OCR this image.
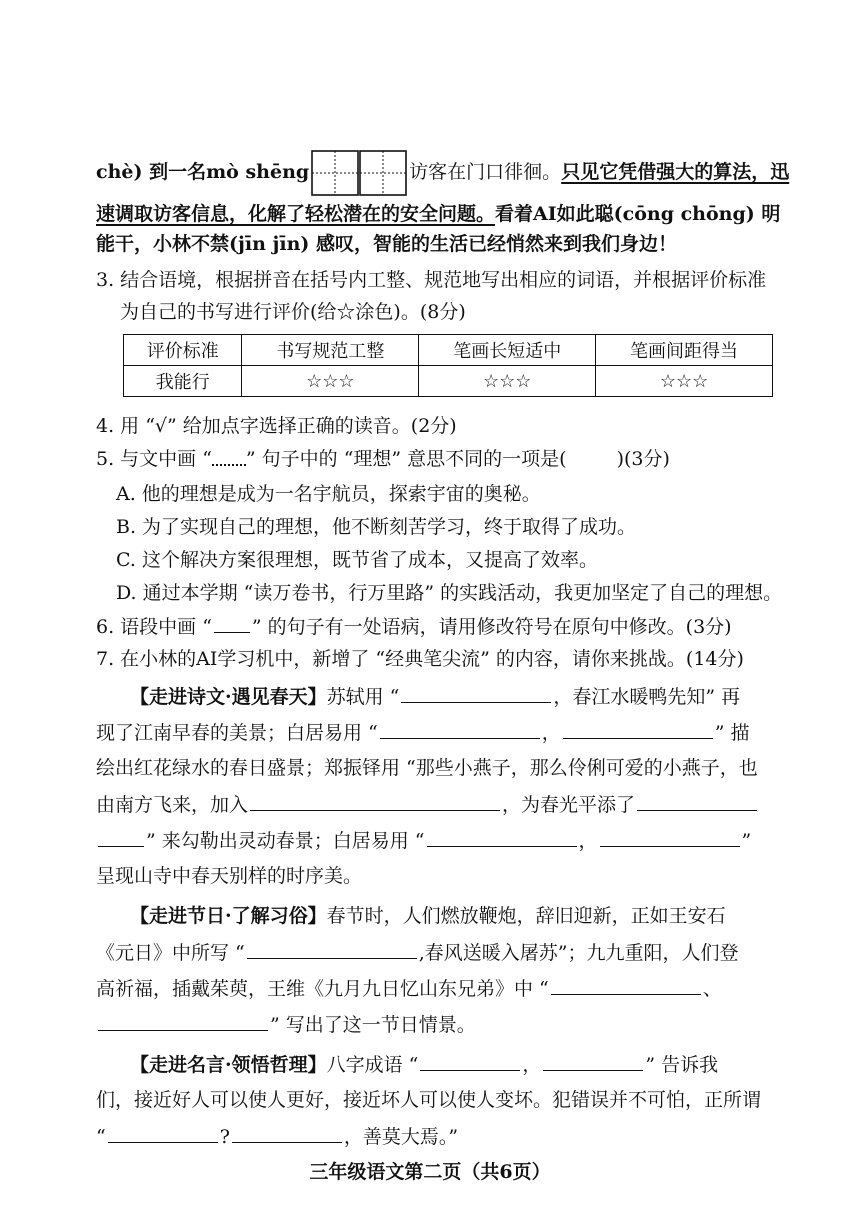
chè) 到一名mò shēng	访客在门口徘徊。只见它凭借强大的算法，迅
速调取访客信息，化解了轻松潜在的安全问题。看着AI如此聪(cōng chōng) 明
能干，小林不禁(jīn jīn) 感叹，智能的生活已经悄然来到我们身边！
3. 结合语境，根据拼音在括号内工整、规范地写出相应的词语，并根据评价标准
为自己的书写进行评价(给☆涂色)。(8分)
评价标准	书写规范工整	笔画长短适中	笔画间距得当
我能行	☆☆☆	☆☆☆	☆☆☆
4. 用 “√” 给加点字选择正确的读音。(2分)
5. 与文中画 “ ” 句子中的 “理想” 意思不同的一项是(	)(3分)
A. 他的理想是成为一名宇航员，探索宇宙的奥秘。
B. 为了实现自己的理想，他不断刻苦学习，终于取得了成功。
C. 这个解决方案很理想，既节省了成本，又提高了效率。
D. 通过本学期 “读万卷书，行万里路” 的实践活动，我更加坚定了自己的理想。
6. 语段中画 “ ” 的句子有一处语病，请用修改符号在原句中修改。(3分)
7. 在小林的AI学习机中，新增了 “经典笔尖流” 的内容，请你来挑战。(14分)
【走进诗文·遇见春天】苏轼用 “	，春江水暖鸭先知” 再
现了江南早春的美景；白居易用 “	，	” 描
绘出红花绿水的春日盛景；郑振铎用 “那些小燕子，那么伶俐可爱的小燕子，也
由南方飞来，加入	，为春光平添了
” 来勾勒出灵动春景；白居易用 “	，	”
呈现山寺中春天别样的时序美。
【走进节日·了解习俗】春节时，人们燃放鞭炮，辞旧迎新，正如王安石
《元日》中所写 “	,春风送暖入屠苏”；九九重阳，人们登
高祈福，插戴茱萸，王维《九月九日忆山东兄弟》中 “	、
” 写出了这一节日情景。
【走进名言·领悟哲理】八字成语 “	，	” 告诉我
们，接近好人可以使人更好，接近坏人可以使人变坏。犯错误并不可怕，正所谓
“	?	，善莫大焉。”
三年级语文第二页（共6页）
